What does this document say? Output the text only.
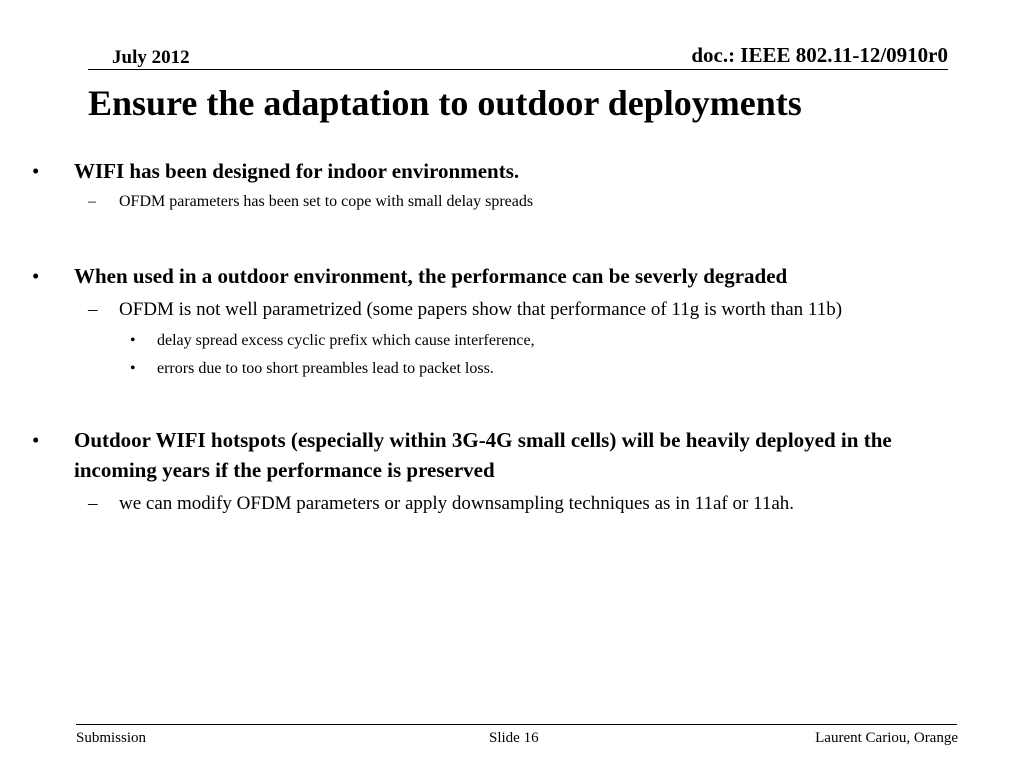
July 2012	doc.: IEEE 802.11-12/0910r0
Ensure the adaptation to outdoor deployments
• WIFI has been designed for indoor environments.
– OFDM parameters has been set to cope with small delay spreads
• When used in a outdoor environment, the performance can be severly degraded
– OFDM is not well parametrized (some papers show that performance of 11g is worth than 11b)
• delay spread excess cyclic prefix which cause interference,
• errors due to too short preambles lead to packet loss.
• Outdoor WIFI hotspots (especially within 3G-4G small cells) will be heavily deployed in the incoming years if the performance is preserved
– we can modify OFDM parameters or apply downsampling techniques as in 11af or 11ah.
Submission	Slide 16	Laurent Cariou, Orange
